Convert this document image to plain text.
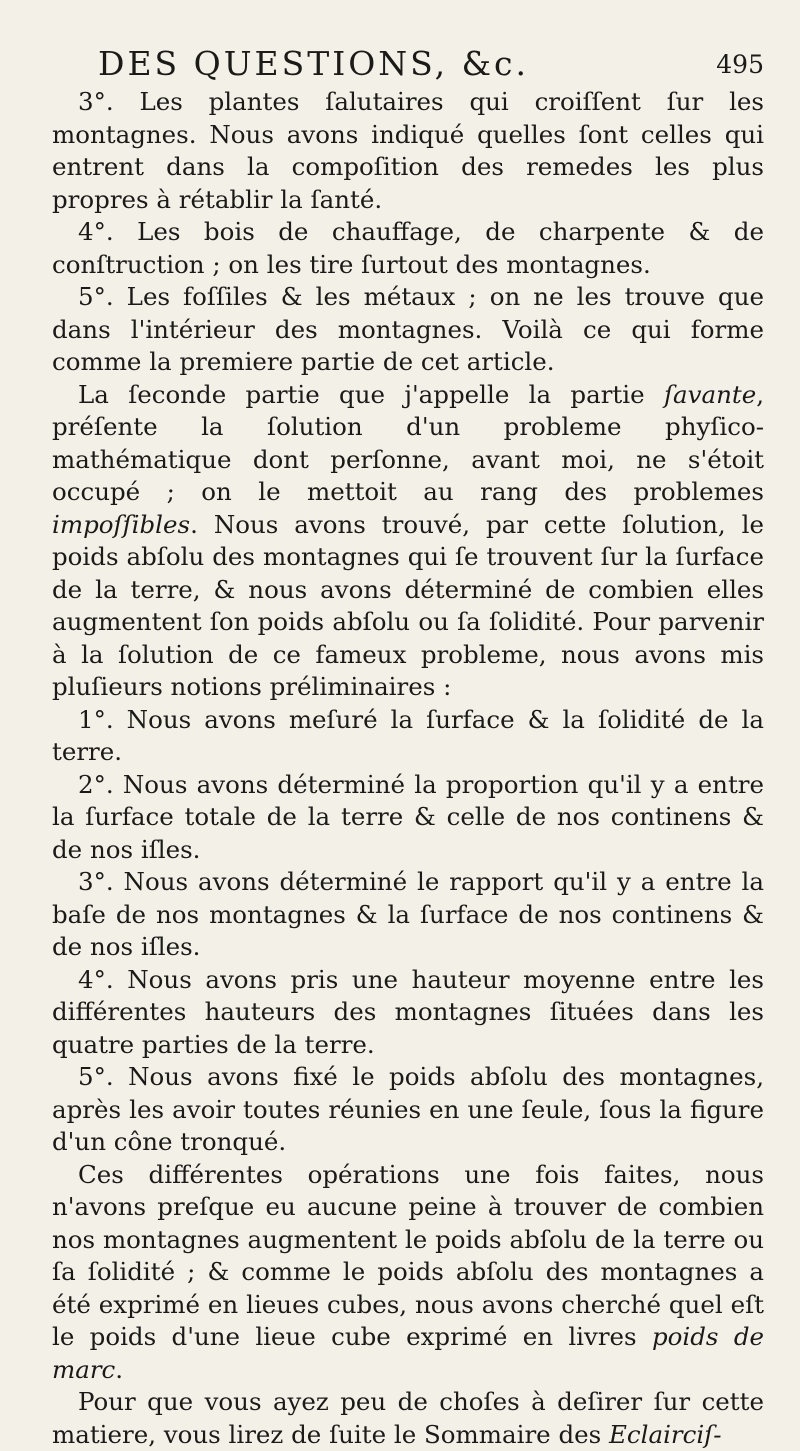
DES QUESTIONS, &c.	495

3°. Les plantes ſalutaires qui croiſſent ſur les montagnes. Nous avons indiqué quelles ſont celles qui entrent dans la compoſition des remedes les plus propres à rétablir la ſanté.

4°. Les bois de chauffage, de charpente & de conſtruction ; on les tire ſurtout des montagnes.

5°. Les foſſiles & les métaux ; on ne les trouve que dans l'intérieur des montagnes. Voilà ce qui forme comme la premiere partie de cet article.

La ſeconde partie que j'appelle la partie ſavante, préſente la ſolution d'un probleme phyſico-mathématique dont perſonne, avant moi, ne s'étoit occupé ; on le mettoit au rang des problemes impoſſibles. Nous avons trouvé, par cette ſolution, le poids abſolu des montagnes qui ſe trouvent ſur la ſurface de la terre, & nous avons déterminé de combien elles augmentent ſon poids abſolu ou ſa ſolidité. Pour parvenir à la ſolution de ce fameux probleme, nous avons mis pluſieurs notions préliminaires :

1°. Nous avons meſuré la ſurface & la ſolidité de la terre.

2°. Nous avons déterminé la proportion qu'il y a entre la ſurface totale de la terre & celle de nos continens & de nos iſles.

3°. Nous avons déterminé le rapport qu'il y a entre la baſe de nos montagnes & la ſurface de nos continens & de nos iſles.

4°. Nous avons pris une hauteur moyenne entre les différentes hauteurs des montagnes ſituées dans les quatre parties de la terre.

5°. Nous avons fixé le poids abſolu des montagnes, après les avoir toutes réunies en une ſeule, ſous la figure d'un cône tronqué.

Ces différentes opérations une fois faites, nous n'avons preſque eu aucune peine à trouver de combien nos montagnes augmentent le poids abſolu de la terre ou ſa ſolidité ; & comme le poids abſolu des montagnes a été exprimé en lieues cubes, nous avons cherché quel eſt le poids d'une lieue cube exprimé en livres poids de marc.

Pour que vous ayez peu de choſes à deſirer ſur cette matiere, vous lirez de ſuite le Sommaire des Eclairciſ-
